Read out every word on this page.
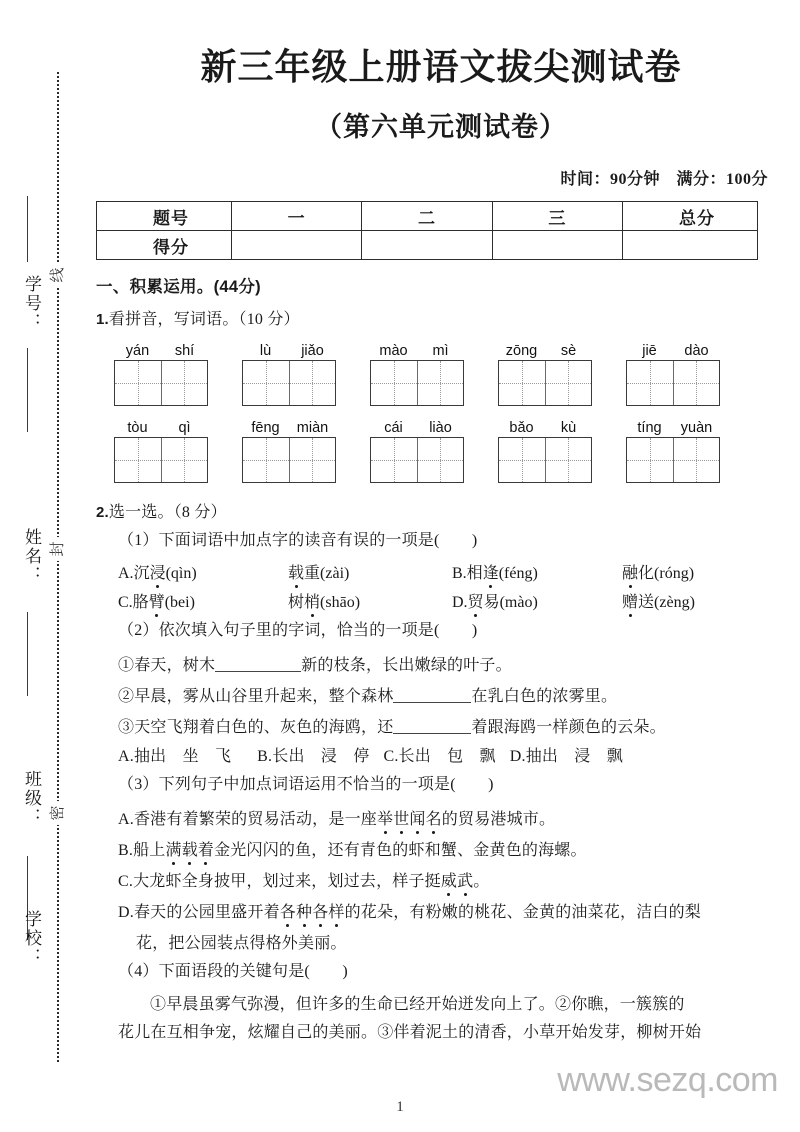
线
封
密
学号：
姓名：
班级：
学校：
新三年级上册语文拔尖测试卷
（第六单元测试卷）

时间：90分钟　满分：100分

题号	一	二	三	总分
得分				

一、积累运用。(44分)

1.看拼音，写词语。（10 分）

yán	shí	lù	jiǎo	mào	mì	zōng	sè	jiē	dào
tòu	qì	fēng	miàn	cái	liào	bǎo	kù	tíng	yuàn

2.选一选。（8 分）

（1）下面词语中加点字的读音有误的一项是(　　)

A.沉浸(qìn)	载重(zài)	B.相逢(féng)	融化(róng)
C.胳臂(bei)	树梢(shāo)	D.贸易(mào)	赠送(zèng)

（2）依次填入句子里的字词，恰当的一项是(　　)

①春天，树木	新的枝条，长出嫩绿的叶子。

②早晨，雾从山谷里升起来，整个森林	在乳白色的浓雾里。

③天空飞翔着白色的、灰色的海鸥，还	着跟海鸥一样颜色的云朵。

A.抽出　坐　飞 B.长出　浸　停 C.长出　包　飘 D.抽出　浸　飘

（3）下列句子中加点词语运用不恰当的一项是(　　)

A.香港有着繁荣的贸易活动，是一座举世闻名的贸易港城市。

B.船上满载着金光闪闪的鱼，还有青色的虾和蟹、金黄色的海螺。

C.大龙虾全身披甲，划过来，划过去，样子挺威武。

D.春天的公园里盛开着各种各样的花朵，有粉嫩的桃花、金黄的油菜花，洁白的梨

花，把公园装点得格外美丽。

（4）下面语段的关键句是(　　)

①早晨虽雾气弥漫，但许多的生命已经开始迸发向上了。②你瞧，一簇簇的

花儿在互相争宠，炫耀自己的美丽。③伴着泥土的清香，小草开始发芽，柳树开始

1
www.sezq.com
